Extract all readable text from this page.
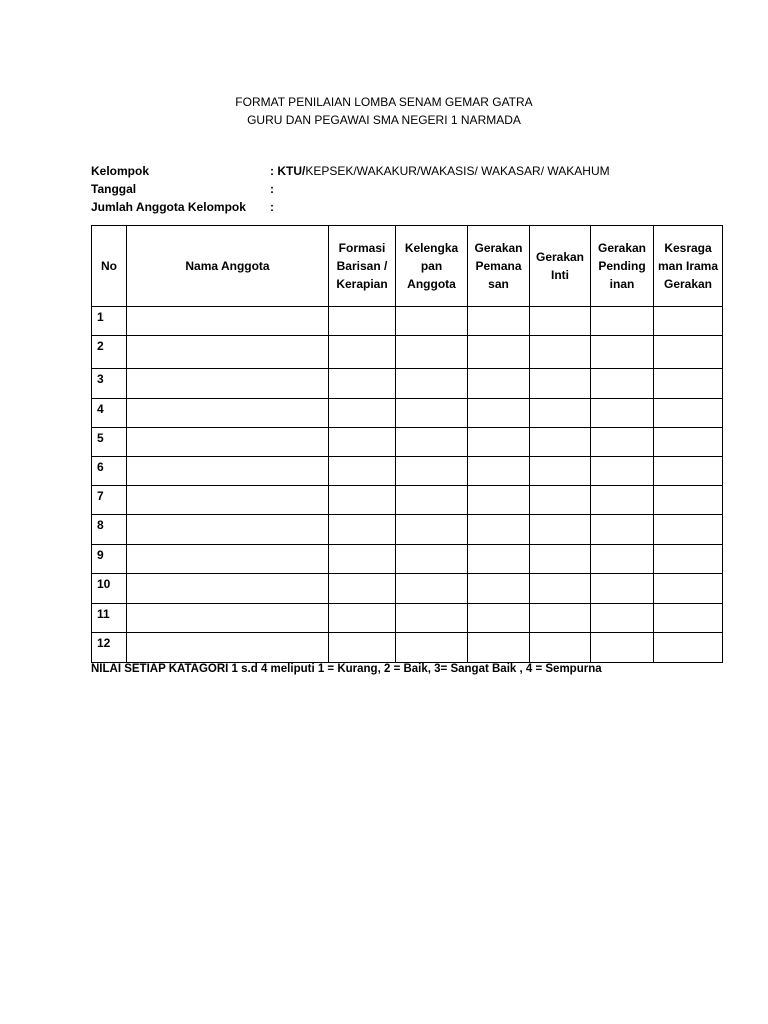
FORMAT PENILAIAN LOMBA SENAM GEMAR GATRA
GURU DAN PEGAWAI SMA NEGERI 1 NARMADA
Kelompok	: KTU/KEPSEK/WAKAKUR/WAKASIS/ WAKASAR/ WAKAHUM
Tanggal	:
Jumlah Anggota Kelompok :
No	Nama Anggota	Formasi Barisan / Kerapian	Kelengka pan Anggota	Gerakan Pemana san	Gerakan Inti	Gerakan Pending inan	Kesraga man Irama Gerakan
1							
2							
3							
4							
5							
6							
7							
8							
9							
10							
11							
12							
NILAI SETIAP KATAGORI 1 s.d 4 meliputi 1 = Kurang, 2 = Baik, 3= Sangat Baik , 4 = Sempurna
